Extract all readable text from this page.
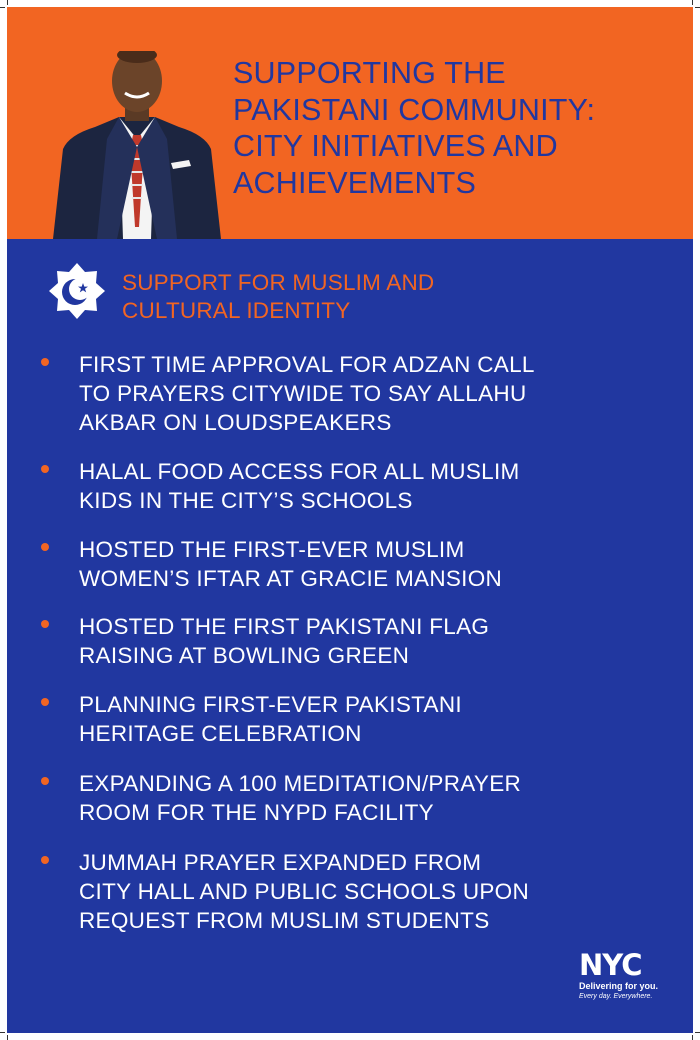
SUPPORTING THE
PAKISTANI COMMUNITY:
CITY INITIATIVES AND
ACHIEVEMENTS
SUPPORT FOR MUSLIM AND
CULTURAL IDENTITY
FIRST TIME APPROVAL FOR ADZAN CALL
TO PRAYERS CITYWIDE TO SAY ALLAHU
AKBAR ON LOUDSPEAKERS
HALAL FOOD ACCESS FOR ALL MUSLIM
KIDS IN THE CITY’S SCHOOLS
HOSTED THE FIRST-EVER MUSLIM
WOMEN’S IFTAR AT GRACIE MANSION
HOSTED THE FIRST PAKISTANI FLAG
RAISING AT BOWLING GREEN
PLANNING FIRST-EVER PAKISTANI
HERITAGE CELEBRATION
EXPANDING A 100 MEDITATION/PRAYER
ROOM FOR THE NYPD FACILITY
JUMMAH PRAYER EXPANDED FROM
CITY HALL AND PUBLIC SCHOOLS UPON
REQUEST FROM MUSLIM STUDENTS
NYC
Delivering for you.
Every day. Everywhere.
